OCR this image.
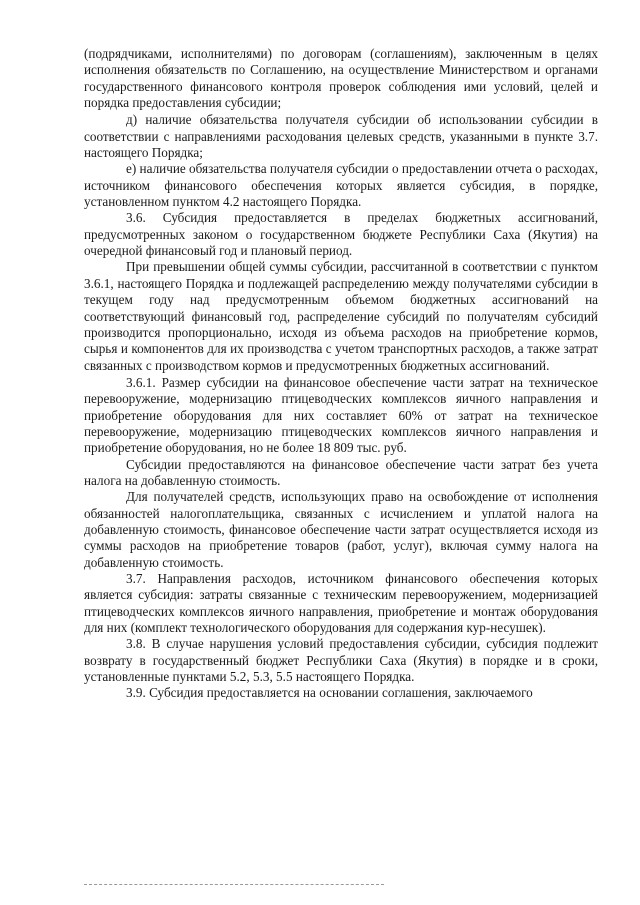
(подрядчиками, исполнителями) по договорам (соглашениям), заключенным в целях исполнения обязательств по Соглашению, на осуществление Министерством и органами государственного финансового контроля проверок соблюдения ими условий, целей и порядка предоставления субсидии;

д) наличие обязательства получателя субсидии об использовании субсидии в соответствии с направлениями расходования целевых средств, указанными в пункте 3.7. настоящего Порядка;

е) наличие обязательства получателя субсидии о предоставлении отчета о расходах, источником финансового обеспечения которых является субсидия, в порядке, установленном пунктом 4.2 настоящего Порядка.

3.6. Субсидия предоставляется в пределах бюджетных ассигнований, предусмотренных законом о государственном бюджете Республики Саха (Якутия) на очередной финансовый год и плановый период.

При превышении общей суммы субсидии, рассчитанной в соответствии с пунктом 3.6.1, настоящего Порядка и подлежащей распределению между получателями субсидии в текущем году над предусмотренным объемом бюджетных ассигнований на соответствующий финансовый год, распределение субсидий по получателям субсидий производится пропорционально, исходя из объема расходов на приобретение кормов, сырья и компонентов для их производства с учетом транспортных расходов, а также затрат связанных с производством кормов и предусмотренных бюджетных ассигнований.

3.6.1. Размер субсидии на финансовое обеспечение части затрат на техническое перевооружение, модернизацию птицеводческих комплексов яичного направления и приобретение оборудования для них составляет 60% от затрат на техническое перевооружение, модернизацию птицеводческих комплексов яичного направления и приобретение оборудования, но не более 18 809 тыс. руб.

Субсидии предоставляются на финансовое обеспечение части затрат без учета налога на добавленную стоимость.

Для получателей средств, использующих право на освобождение от исполнения обязанностей налогоплательщика, связанных с исчислением и уплатой налога на добавленную стоимость, финансовое обеспечение части затрат осуществляется исходя из суммы расходов на приобретение товаров (работ, услуг), включая сумму налога на добавленную стоимость.

3.7. Направления расходов, источником финансового обеспечения которых является субсидия: затраты связанные с техническим перевооружением, модернизацией птицеводческих комплексов яичного направления, приобретение и монтаж оборудования для них (комплект технологического оборудования для содержания кур-несушек).

3.8. В случае нарушения условий предоставления субсидии, субсидия подлежит возврату в государственный бюджет Республики Саха (Якутия) в порядке и в сроки, установленные пунктами 5.2, 5.3, 5.5 настоящего Порядка.

3.9. Субсидия предоставляется на основании соглашения, заключаемого
